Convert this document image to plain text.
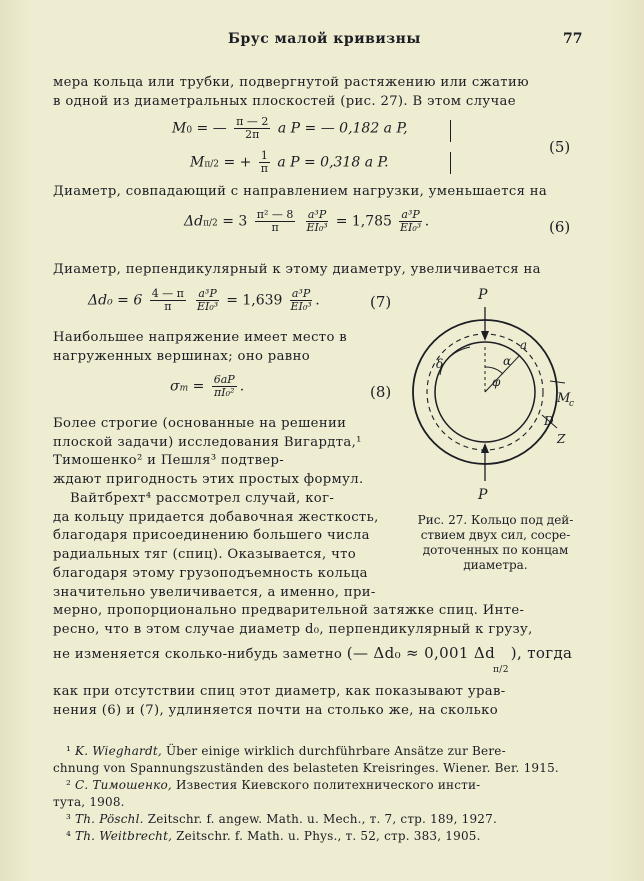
Брус малой кривизны	77
мера кольца или трубки, подвергнутой растяжению или сжатию
в одной из диаметральных плоскостей (рис. 27). В этом случае
M0 = — $\frac{\pi — 2}{2\pi}$ a P = — 0,182 a P,
Mπ/2 = + $\frac{1}{\pi}$ a P = 0,318 a P.
(5)
Диаметр, совпадающий с направлением нагрузки, уменьшается на
$\Delta d\pi/2 = 3 \frac{\text{π² — 8}}{\pi}$
$\frac{\text{a³P}}{\text{EI₀³}} = 1,785 \frac{\text{a³P}}{\text{EI₀³}}$ .	(6)
Диаметр, перпендикулярный к этому диаметру, увеличивается на
$\Delta d_0 = 6 \frac{4 — \pi}{\pi}$
$\frac{\text{a³P}}{\text{EI₀³}} = 1,639 \frac{\text{a³P}}{\text{EI₀³}}$ .	(7)
Наибольшее напряжение имеет место в
нагруженных вершинах; оно равно
$\sigma m = \frac{6aP}{\text{πI₀²}}$ .	(8)
Более строгие (основанные на решении
плоской задачи) исследования Вигардта,¹
Тимошенко² и Пешля³ подтвер-
ждают пригодность этих простых формул.
Вайтбрехт⁴ рассмотрел случай, ког-
да кольцу придается добавочная жесткость,
благодаря присоединению большего числа
радиальных тяг (спиц). Оказывается, что
благодаря этому грузоподъемность кольца
значительно увеличивается, а именно, при-
мерно, пропорционально предварительной затяжке спиц. Инте-
ресно, что в этом случае диаметр d₀, перпендикулярный к грузу,
не изменяется сколько-нибудь заметно (— Δd₀ ≈ 0,001 $\Delta d_{\pi/2}$), тогда
как при отсутствии спиц этот диаметр, как показывают урав-
нения (6) и (7), удлиняется почти на столько же, на сколько
P
P
α
φ
δ
a
M
c
D
Z
Рис. 27. Кольцо под дей-
ствием двух сил, сосре-
доточенных по концам
диаметра.
¹ K. Wieghardt, Über einige wirklich durchführbare Ansätze zur Bere-
chnung von Spannungszuständen des belasteten Kreisringes. Wiener. Ber. 1915.
² С. Тимошенко, Известия Киевского политехнического инсти-
тута, 1908.
³ Th. Pöschl. Zeitschr. f. angew. Math. u. Mech., т. 7, стр. 189, 1927.
⁴ Th. Weitbrecht, Zeitschr. f. Math. u. Phys., т. 52, стр. 383, 1905.
